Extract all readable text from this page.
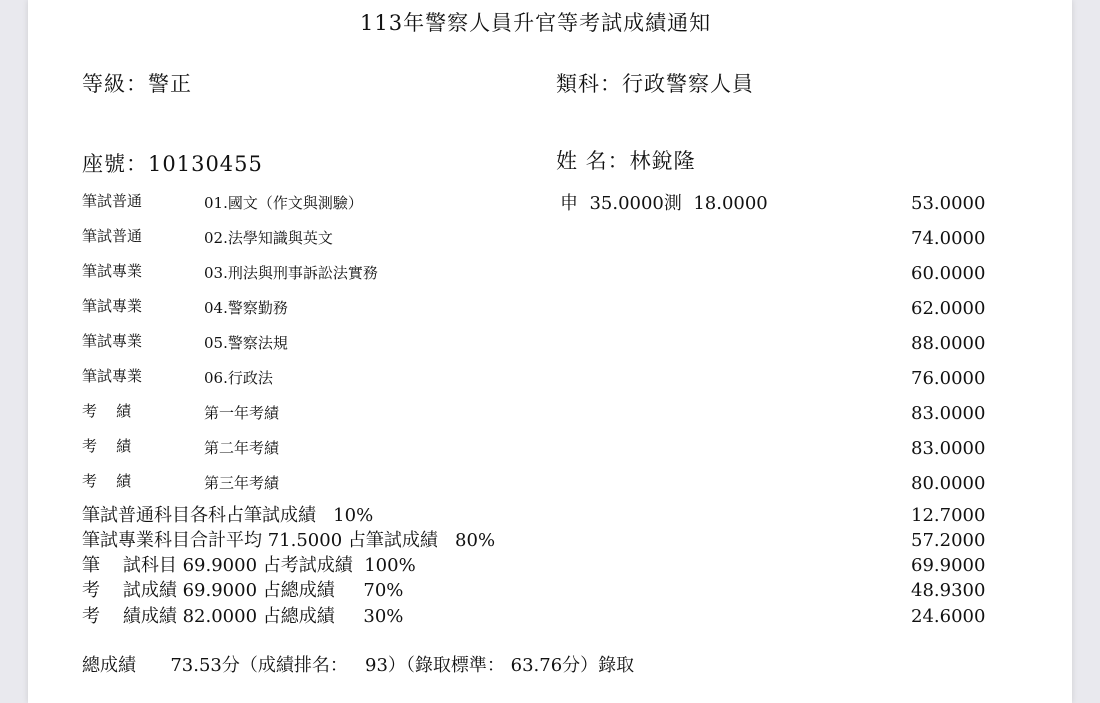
113年警察人員升官等考試成績通知
等級：警正	類科：行政警察人員
座號：10130455	姓 名：林銳隆
筆試普通	01.國文（作文與測驗）	申  35.0000測  18.0000	53.0000
筆試普通	02.法學知識與英文	74.0000
筆試專業	03.刑法與刑事訴訟法實務	60.0000
筆試專業	04.警察勤務	62.0000
筆試專業	05.警察法規	88.0000
筆試專業	06.行政法	76.0000
考    績	第一年考績	83.0000
考    績	第二年考績	83.0000
考    績	第三年考績	80.0000
筆試普通科目各科占筆試成績   10%	12.7000
筆試專業科目合計平均 71.5000 占筆試成績   80%	57.2000
筆    試科目 69.9000 占考試成績  100%	69.9000
考    試成績 69.9000 占總成績     70%	48.9300
考    績成績 82.0000 占總成績     30%	24.6000
總成績      73.53分（成績排名：   93）（錄取標準： 63.76分）錄取
